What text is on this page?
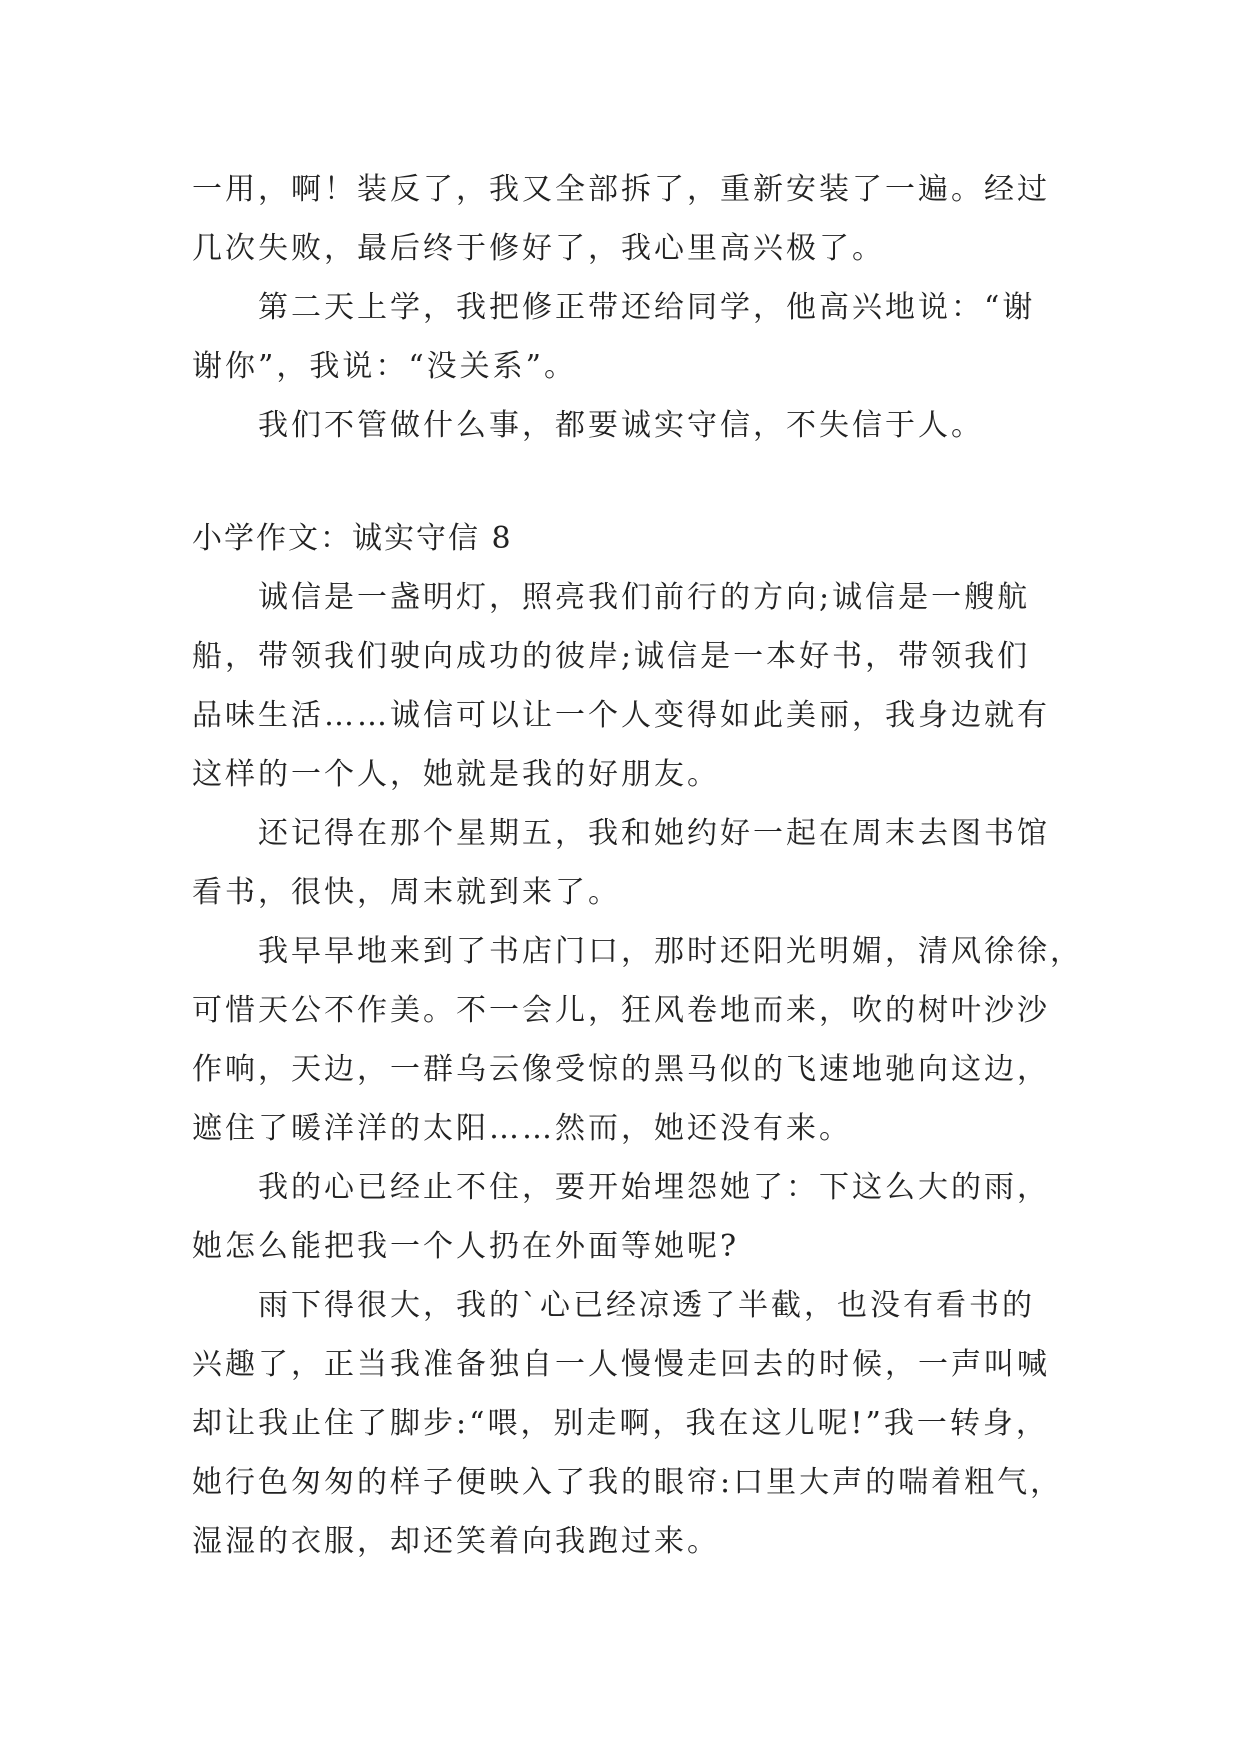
一用，啊！装反了，我又全部拆了，重新安装了一遍。经过
几次失败，最后终于修好了，我心里高兴极了。
第二天上学，我把修正带还给同学，他高兴地说：“谢
谢你”，我说：“没关系”。
我们不管做什么事，都要诚实守信，不失信于人。
小学作文：诚实守信 8
诚信是一盏明灯，照亮我们前行的方向;诚信是一艘航
船，带领我们驶向成功的彼岸;诚信是一本好书，带领我们
品味生活……诚信可以让一个人变得如此美丽，我身边就有
这样的一个人，她就是我的好朋友。
还记得在那个星期五，我和她约好一起在周末去图书馆
看书，很快，周末就到来了。
我早早地来到了书店门口，那时还阳光明媚，清风徐徐，
可惜天公不作美。不一会儿，狂风卷地而来，吹的树叶沙沙
作响，天边，一群乌云像受惊的黑马似的飞速地驰向这边，
遮住了暖洋洋的太阳……然而，她还没有来。
我的心已经止不住，要开始埋怨她了：下这么大的雨，
她怎么能把我一个人扔在外面等她呢?
雨下得很大，我的`心已经凉透了半截，也没有看书的
兴趣了，正当我准备独自一人慢慢走回去的时候，一声叫喊
却让我止住了脚步:“喂，别走啊，我在这儿呢!”我一转身，
她行色匆匆的样子便映入了我的眼帘:口里大声的喘着粗气，
湿湿的衣服，却还笑着向我跑过来。
